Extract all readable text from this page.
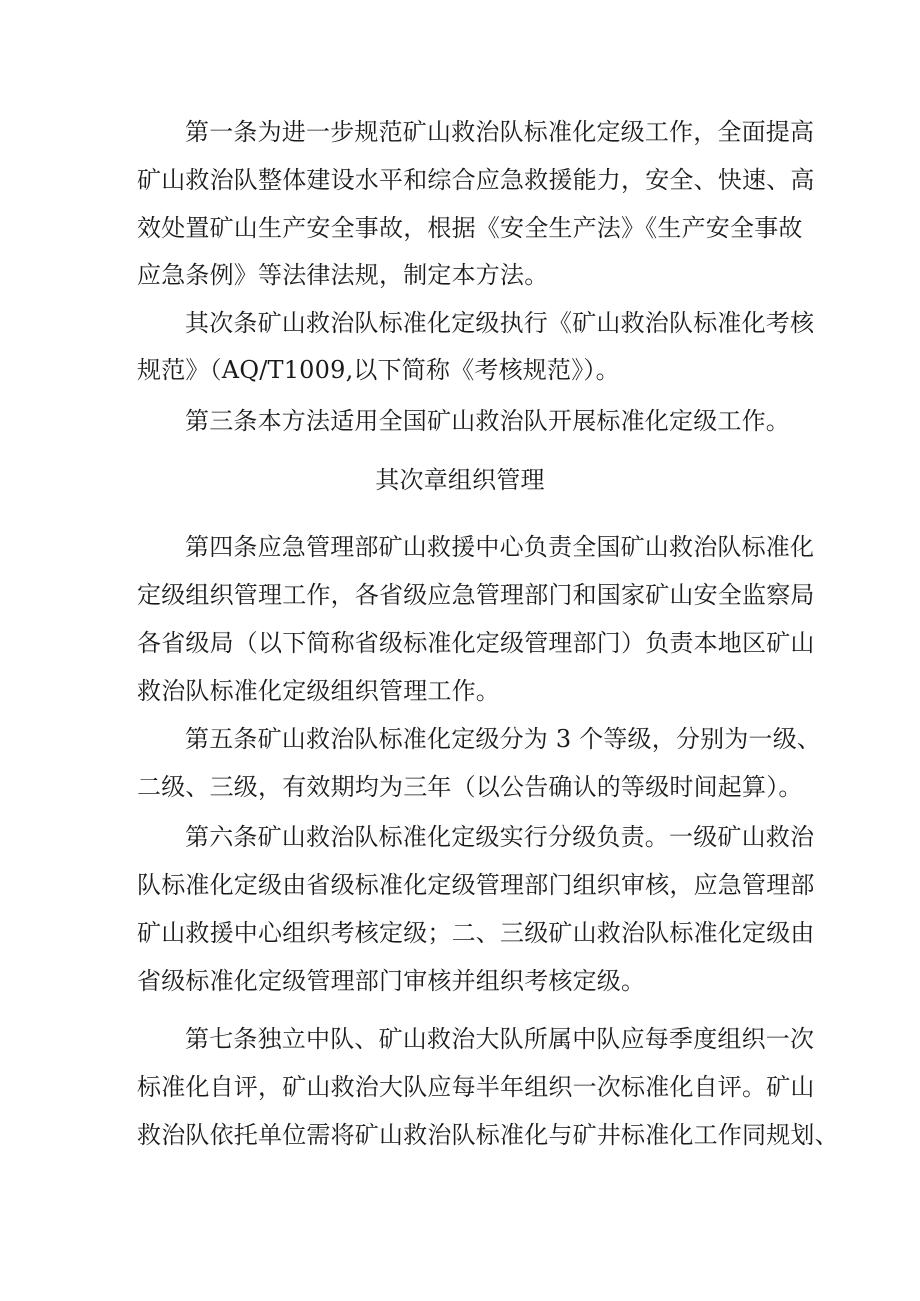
第一条为进一步规范矿山救治队标准化定级工作，全面提高
矿山救治队整体建设水平和综合应急救援能力，安全、快速、高
效处置矿山生产安全事故，根据《安全生产法》《生产安全事故
应急条例》等法律法规，制定本方法。
其次条矿山救治队标准化定级执行《矿山救治队标准化考核
规范》（AQ/T1009,以下简称《考核规范》）。
第三条本方法适用全国矿山救治队开展标准化定级工作。
其次章组织管理
第四条应急管理部矿山救援中心负责全国矿山救治队标准化
定级组织管理工作，各省级应急管理部门和国家矿山安全监察局
各省级局（以下简称省级标准化定级管理部门）负责本地区矿山
救治队标准化定级组织管理工作。
第五条矿山救治队标准化定级分为 3 个等级，分别为一级、
二级、三级，有效期均为三年（以公告确认的等级时间起算）。
第六条矿山救治队标准化定级实行分级负责。一级矿山救治
队标准化定级由省级标准化定级管理部门组织审核，应急管理部
矿山救援中心组织考核定级；二、三级矿山救治队标准化定级由
省级标准化定级管理部门审核并组织考核定级。
第七条独立中队、矿山救治大队所属中队应每季度组织一次
标准化自评，矿山救治大队应每半年组织一次标准化自评。矿山
救治队依托单位需将矿山救治队标准化与矿井标准化工作同规划、
